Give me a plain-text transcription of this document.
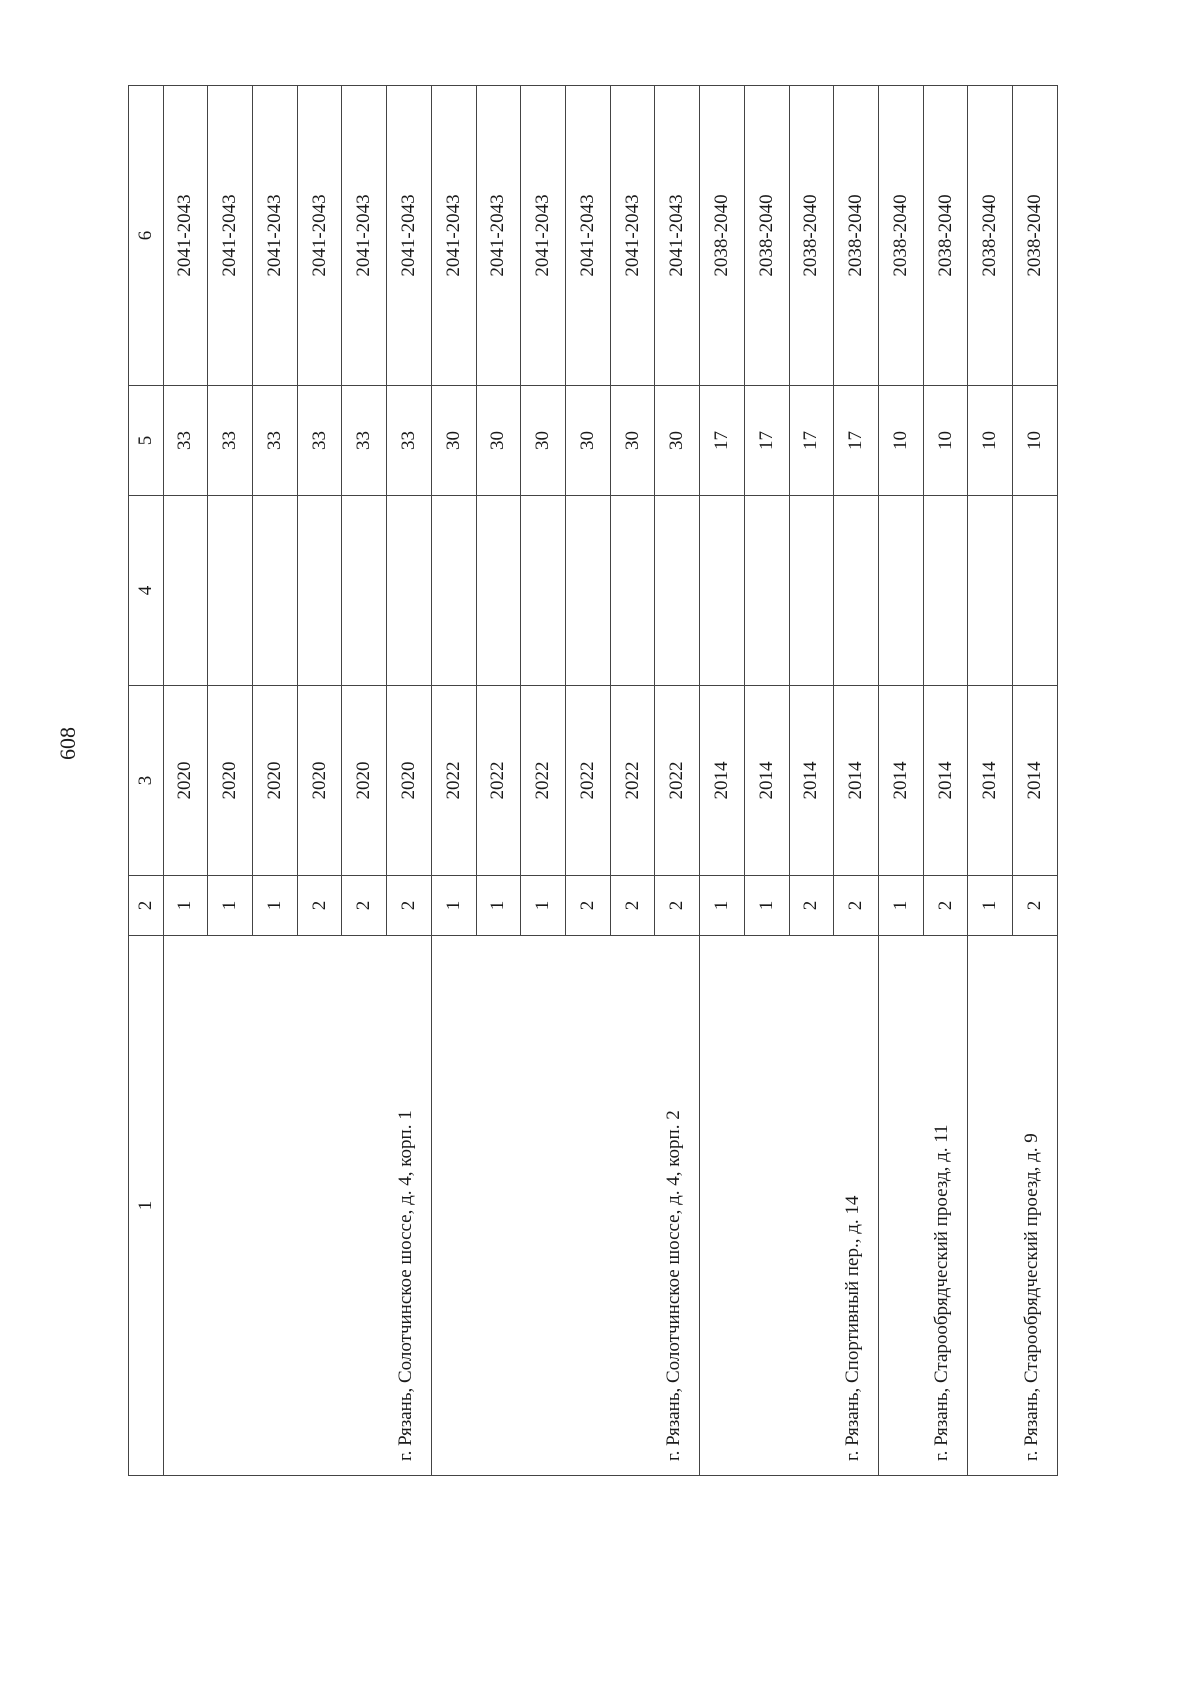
608
1	2	3	4	5	6
г. Рязань, Солотчинское шоссе, д. 4, корп. 1	1	2020		33	2041-2043
	1	2020		33	2041-2043
	1	2020		33	2041-2043
	2	2020		33	2041-2043
	2	2020		33	2041-2043
	2	2020		33	2041-2043
г. Рязань, Солотчинское шоссе, д. 4, корп. 2	1	2022		30	2041-2043
	1	2022		30	2041-2043
	1	2022		30	2041-2043
	2	2022		30	2041-2043
	2	2022		30	2041-2043
	2	2022		30	2041-2043
г. Рязань, Спортивный пер., д. 14	1	2014		17	2038-2040
	1	2014		17	2038-2040
	2	2014		17	2038-2040
	2	2014		17	2038-2040
г. Рязань, Старообрядческий проезд, д. 11	1	2014		10	2038-2040
	2	2014		10	2038-2040
г. Рязань, Старообрядческий проезд, д. 9	1	2014		10	2038-2040
	2	2014		10	2038-2040
